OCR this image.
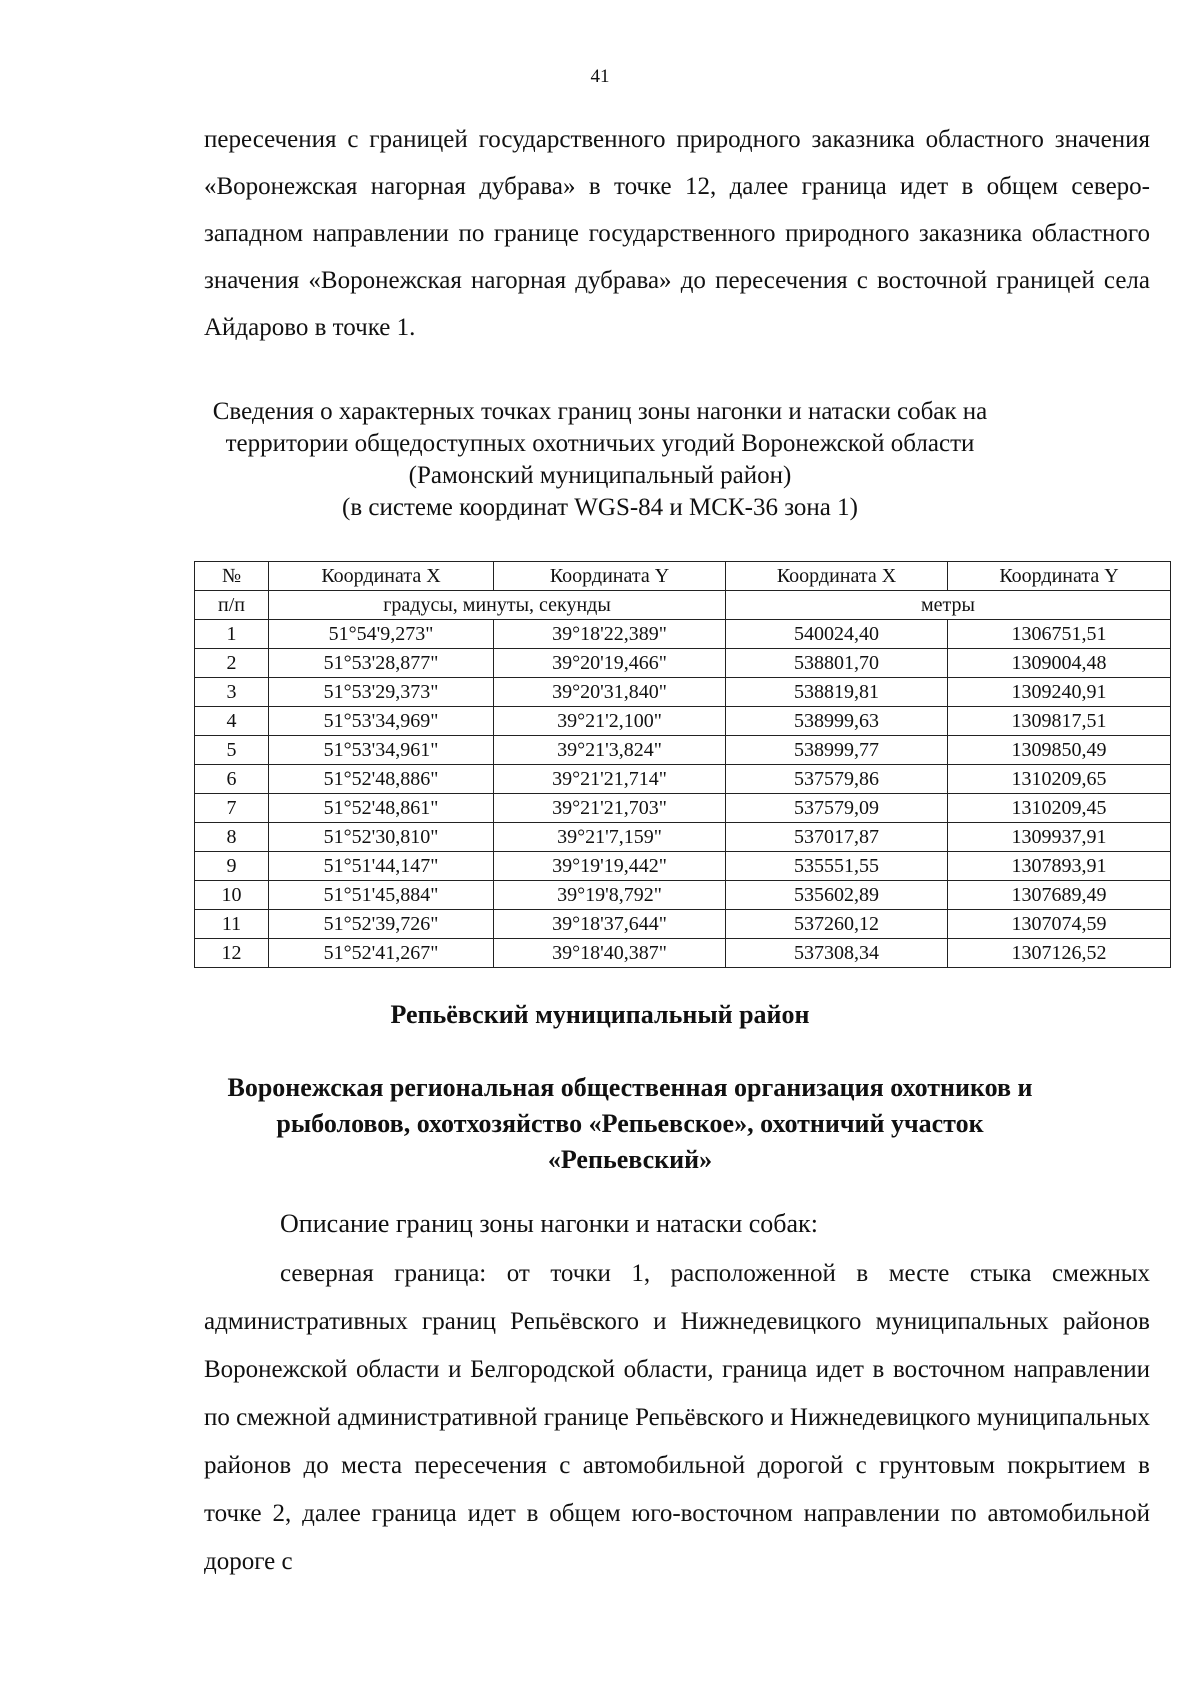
41
пересечения с границей государственного природного заказника областного значения «Воронежская нагорная дубрава» в точке 12, далее граница идет в общем северо-западном направлении по границе государственного природного заказника областного значения «Воронежская нагорная дубрава» до пересечения с восточной границей села Айдарово в точке 1.
Сведения о характерных точках границ зоны нагонки и натаски собак на
территории общедоступных охотничьих угодий Воронежской области
(Рамонский муниципальный район)
(в системе координат WGS-84 и МСК-36 зона 1)
№	Координата X	Координата Y	Координата X	Координата Y
п/п	градусы, минуты, секунды		метры	
1	51°54'9,273"	39°18'22,389"	540024,40	1306751,51
2	51°53'28,877"	39°20'19,466"	538801,70	1309004,48
3	51°53'29,373"	39°20'31,840"	538819,81	1309240,91
4	51°53'34,969"	39°21'2,100"	538999,63	1309817,51
5	51°53'34,961"	39°21'3,824"	538999,77	1309850,49
6	51°52'48,886"	39°21'21,714"	537579,86	1310209,65
7	51°52'48,861"	39°21'21,703"	537579,09	1310209,45
8	51°52'30,810"	39°21'7,159"	537017,87	1309937,91
9	51°51'44,147"	39°19'19,442"	535551,55	1307893,91
10	51°51'45,884"	39°19'8,792"	535602,89	1307689,49
11	51°52'39,726"	39°18'37,644"	537260,12	1307074,59
12	51°52'41,267"	39°18'40,387"	537308,34	1307126,52
Репьёвский муниципальный район
Воронежская региональная общественная организация охотников и
рыболовов, охотхозяйство «Репьевское», охотничий участок
«Репьевский»
Описание границ зоны нагонки и натаски собак:
северная граница: от точки 1, расположенной в месте стыка смежных административных границ Репьёвского и Нижнедевицкого муниципальных районов Воронежской области и Белгородской области, граница идет в восточном направлении по смежной административной границе Репьёвского и Нижнедевицкого муниципальных районов до места пересечения с автомобильной дорогой с грунтовым покрытием в точке 2, далее граница идет в общем юго-восточном направлении по автомобильной дороге с
